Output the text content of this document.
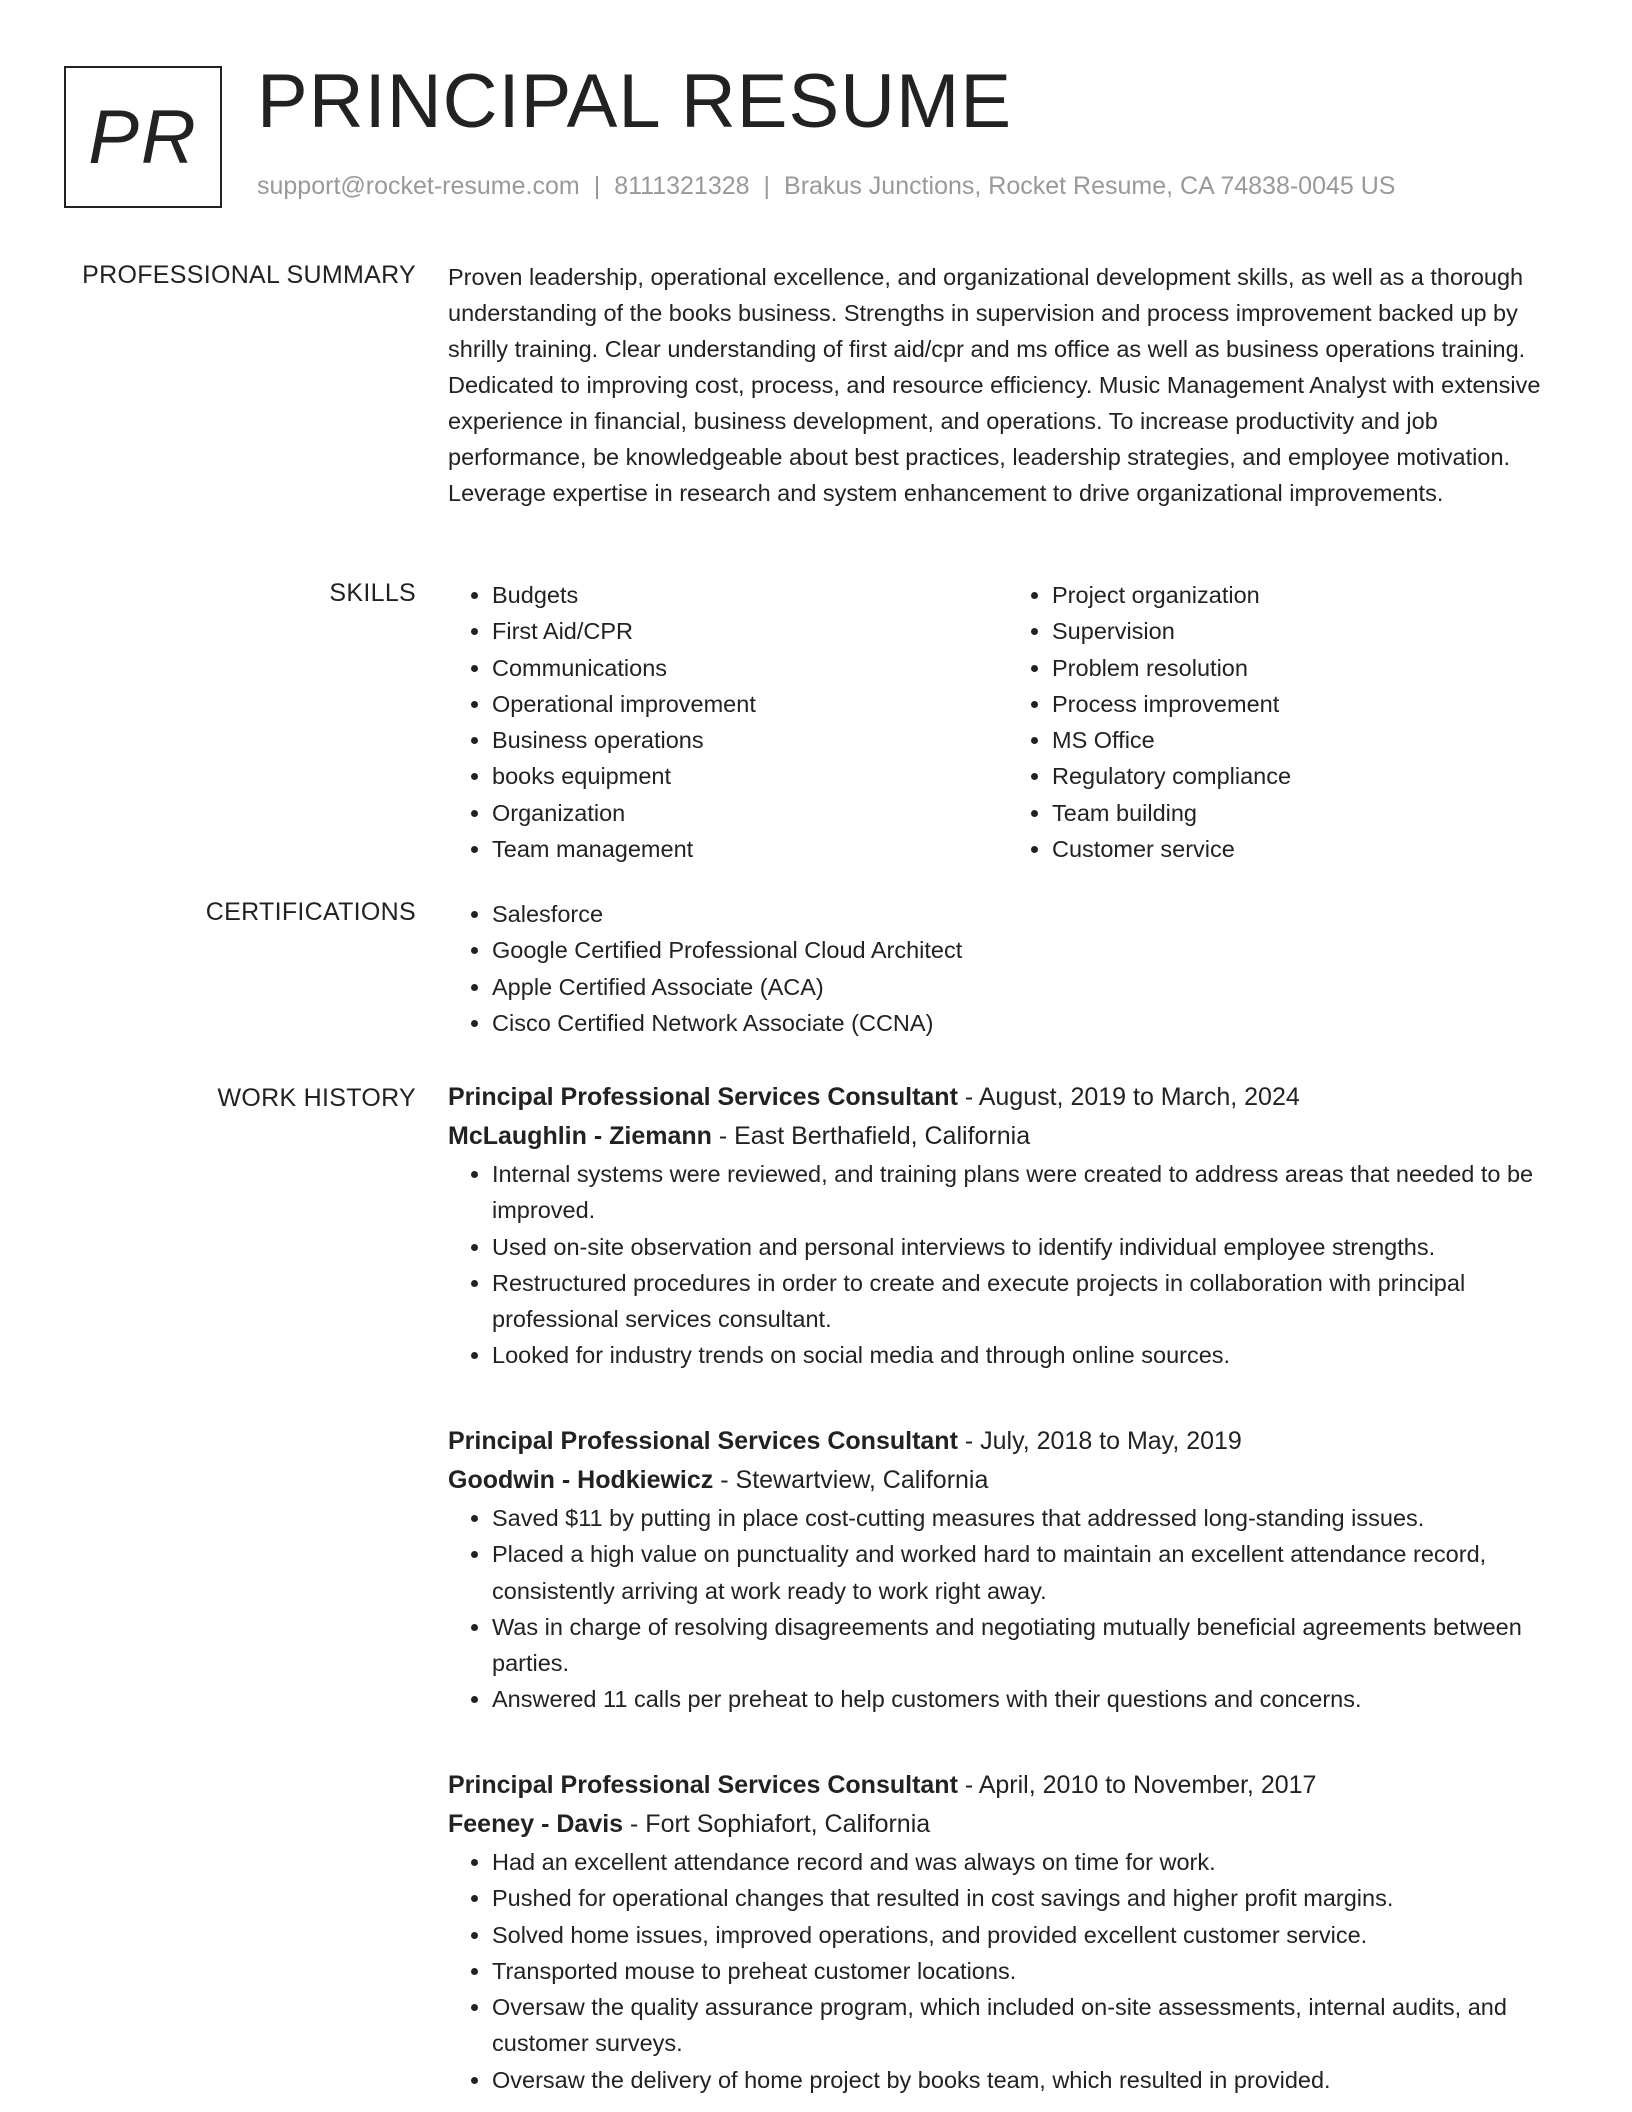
PR PRINCIPAL RESUME
support@rocket-resume.com | 8111321328 | Brakus Junctions, Rocket Resume, CA 74838-0045 US
PROFESSIONAL SUMMARY Proven leadership, operational excellence, and organizational development skills, as well as a thorough understanding of the books business. Strengths in supervision and process improvement backed up by shrilly training. Clear understanding of first aid/cpr and ms office as well as business operations training. Dedicated to improving cost, process, and resource efficiency. Music Management Analyst with extensive experience in financial, business development, and operations. To increase productivity and job performance, be knowledgeable about best practices, leadership strategies, and employee motivation. Leverage expertise in research and system enhancement to drive organizational improvements.

SKILLS	• Budgets
• First Aid/CPR
• Communications
• Operational improvement
• Business operations
• books equipment
• Organization
• Team management
• Project organization
• Supervision
• Problem resolution
• Process improvement
• MS Office
• Regulatory compliance
• Team building
• Customer service
CERTIFICATIONS	• Salesforce
• Google Certified Professional Cloud Architect
• Apple Certified Associate (ACA)
• Cisco Certified Network Associate (CCNA)
WORK HISTORY Principal Professional Services Consultant - August, 2019 to March, 2024
McLaughlin - Ziemann - East Berthafield, California
• Internal systems were reviewed, and training plans were created to address areas that needed to be improved.
• Used on-site observation and personal interviews to identify individual employee strengths.
• Restructured procedures in order to create and execute projects in collaboration with principal professional services consultant.
• Looked for industry trends on social media and through online sources.
Principal Professional Services Consultant - July, 2018 to May, 2019
Goodwin - Hodkiewicz - Stewartview, California
• Saved $11 by putting in place cost-cutting measures that addressed long-standing issues.
• Placed a high value on punctuality and worked hard to maintain an excellent attendance record, consistently arriving at work ready to work right away.
• Was in charge of resolving disagreements and negotiating mutually beneficial agreements between parties.
• Answered 11 calls per preheat to help customers with their questions and concerns.
Principal Professional Services Consultant - April, 2010 to November, 2017
Feeney - Davis - Fort Sophiafort, California
• Had an excellent attendance record and was always on time for work.
• Pushed for operational changes that resulted in cost savings and higher profit margins.
• Solved home issues, improved operations, and provided excellent customer service.
• Transported mouse to preheat customer locations.
• Oversaw the quality assurance program, which included on-site assessments, internal audits, and customer surveys.
• Oversaw the delivery of home project by books team, which resulted in provided.
